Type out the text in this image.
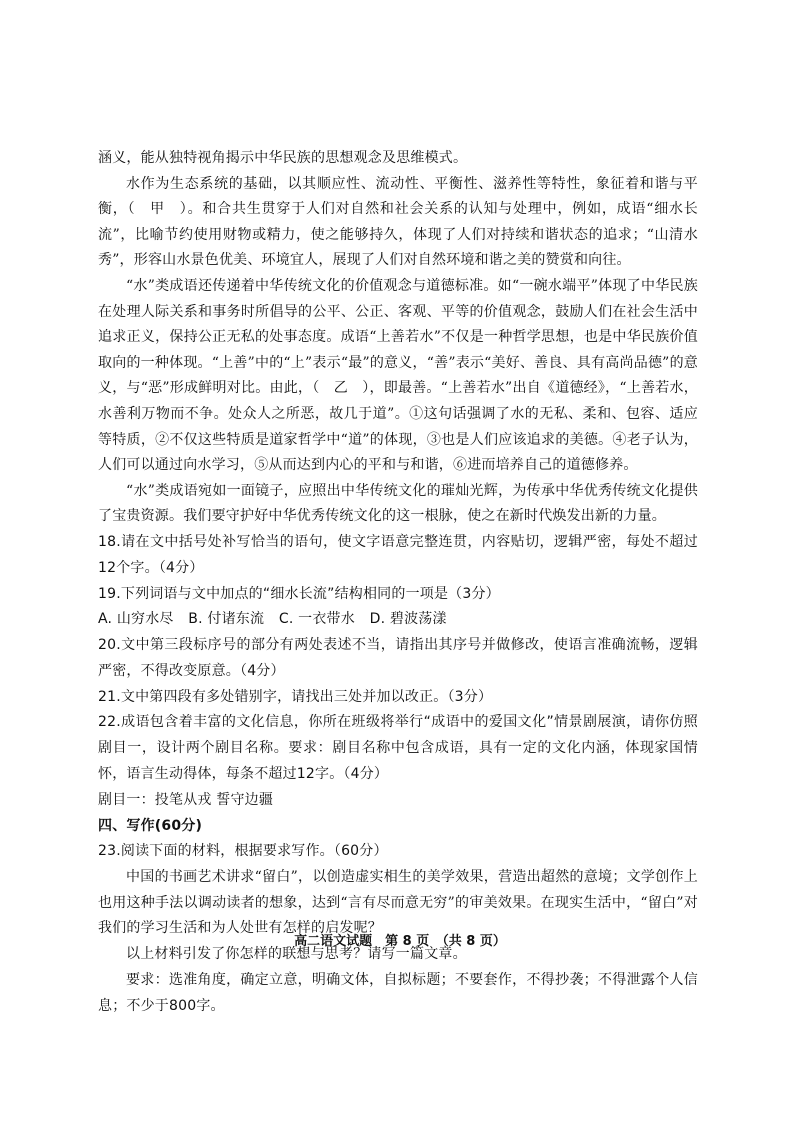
涵义，能从独特视角揭示中华民族的思想观念及思维模式。

水作为生态系统的基础，以其顺应性、流动性、平衡性、滋养性等特性，象征着和谐与平衡，（　甲　）。和合共生贯穿于人们对自然和社会关系的认知与处理中，例如，成语“细水长流”，比喻节约使用财物或精力，使之能够持久，体现了人们对持续和谐状态的追求；“山清水秀”，形容山水景色优美、环境宜人，展现了人们对自然环境和谐之美的赞赏和向往。

“水”类成语还传递着中华传统文化的价值观念与道德标准。如“一碗水端平”体现了中华民族在处理人际关系和事务时所倡导的公平、公正、客观、平等的价值观念，鼓励人们在社会生活中追求正义，保持公正无私的处事态度。成语“上善若水”不仅是一种哲学思想，也是中华民族价值取向的一种体现。“上善”中的“上”表示“最”的意义，“善”表示“美好、善良、具有高尚品德”的意义，与“恶”形成鲜明对比。由此，（　乙　），即最善。“上善若水”出自《道德经》，“上善若水，水善利万物而不争。处众人之所恶，故几于道”。①这句话强调了水的无私、柔和、包容、适应等特质，②不仅这些特质是道家哲学中“道”的体现，③也是人们应该追求的美德。④老子认为，人们可以通过向水学习，⑤从而达到内心的平和与和谐，⑥进而培养自己的道德修养。

“水”类成语宛如一面镜子，应照出中华传统文化的璀灿光辉，为传承中华优秀传统文化提供了宝贵资源。我们要守护好中华优秀传统文化的这一根脉，使之在新时代焕发出新的力量。

18.请在文中括号处补写恰当的语句，使文字语意完整连贯，内容贴切，逻辑严密，每处不超过12个字。（4分）

19.下列词语与文中加点的“细水长流”结构相同的一项是（3分）

A. 山穷水尽 B. 付诸东流 C. 一衣带水 D. 碧波荡漾

20.文中第三段标序号的部分有两处表述不当，请指出其序号并做修改，使语言准确流畅，逻辑严密，不得改变原意。（4分）

21.文中第四段有多处错别字，请找出三处并加以改正。（3分）

22.成语包含着丰富的文化信息，你所在班级将举行“成语中的爱国文化”情景剧展演，请你仿照剧目一，设计两个剧目名称。要求：剧目名称中包含成语，具有一定的文化内涵，体现家国情怀，语言生动得体，每条不超过12字。（4分）

剧目一：投笔从戎 誓守边疆

四、写作(60分)

23.阅读下面的材料，根据要求写作。（60分）

中国的书画艺术讲求“留白”，以创造虚实相生的美学效果，营造出超然的意境；文学创作上也用这种手法以调动读者的想象，达到“言有尽而意无穷”的审美效果。在现实生活中，“留白”对我们的学习生活和为人处世有怎样的启发呢？

以上材料引发了你怎样的联想与思考？请写一篇文章。

要求：选准角度，确定立意，明确文体，自拟标题；不要套作，不得抄袭；不得泄露个人信息；不少于800字。

高二语文试题　第 8 页　（共 8 页）
